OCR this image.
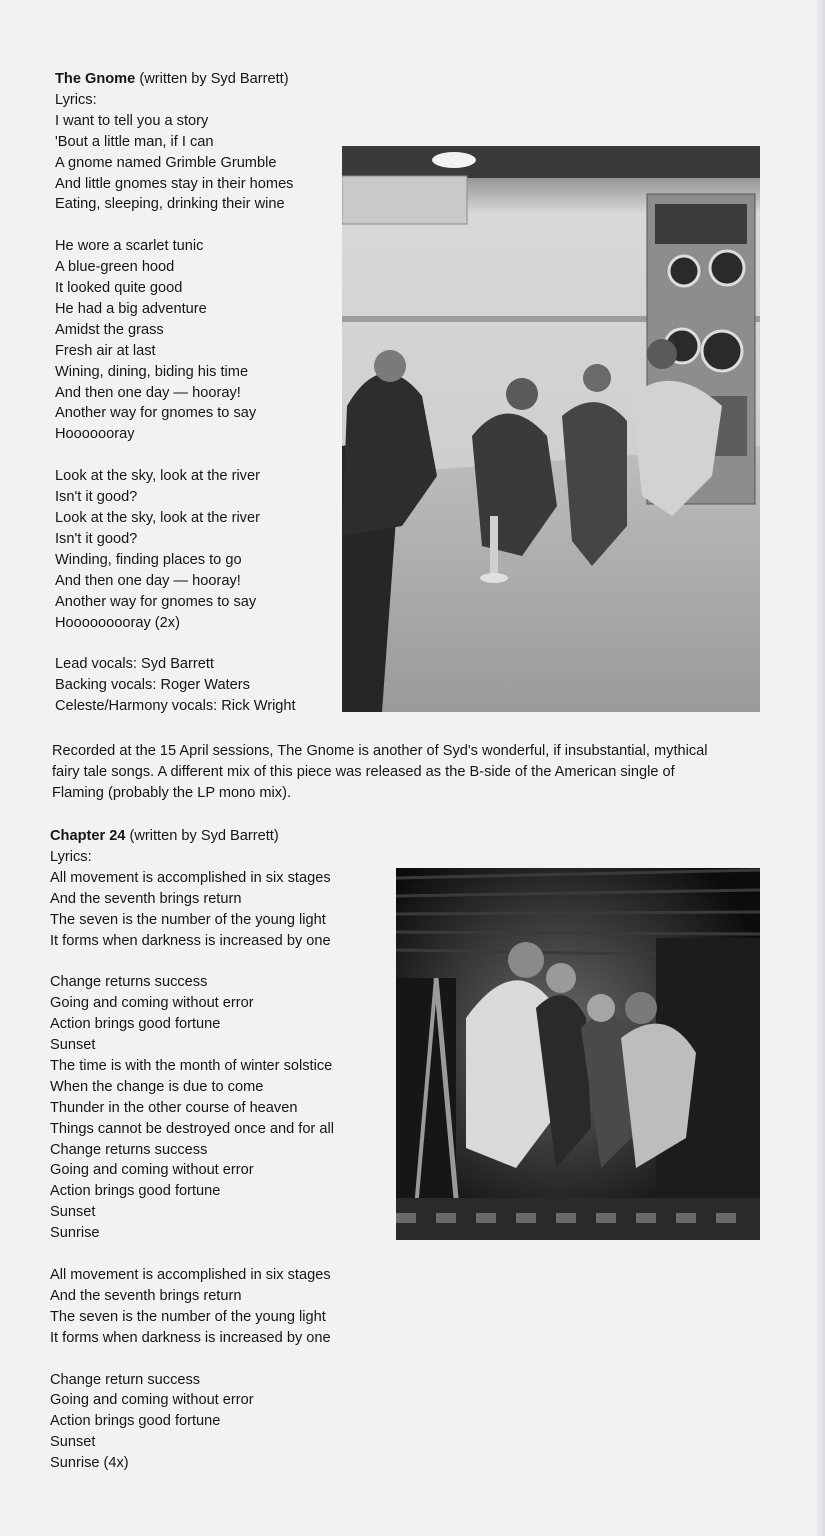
The Gnome (written by Syd Barrett)
Lyrics:
I want to tell you a story
'Bout a little man, if I can
A gnome named Grimble Grumble
And little gnomes stay in their homes
Eating, sleeping, drinking their wine
He wore a scarlet tunic
A blue-green hood
It looked quite good
He had a big adventure
Amidst the grass
Fresh air at last
Wining, dining, biding his time
And then one day — hooray!
Another way for gnomes to say
Hooooooray
Look at the sky, look at the river
Isn't it good?
Look at the sky, look at the river
Isn't it good?
Winding, finding places to go
And then one day — hooray!
Another way for gnomes to say
Hooooooooray (2x)
Lead vocals: Syd Barrett
Backing vocals: Roger Waters
Celeste/Harmony vocals: Rick Wright
Recorded at the 15 April sessions, The Gnome is another of Syd's wonderful, if insubstantial, mythical
fairy tale songs. A different mix of this piece was released as the B-side of the American single of
Flaming (probably the LP mono mix).
Chapter 24 (written by Syd Barrett)
Lyrics:
All movement is accomplished in six stages
And the seventh brings return
The seven is the number of the young light
It forms when darkness is increased by one
Change returns success
Going and coming without error
Action brings good fortune
Sunset
The time is with the month of winter solstice
When the change is due to come
Thunder in the other course of heaven
Things cannot be destroyed once and for all
Change returns success
Going and coming without error
Action brings good fortune
Sunset
Sunrise
All movement is accomplished in six stages
And the seventh brings return
The seven is the number of the young light
It forms when darkness is increased by one
Change return success
Going and coming without error
Action brings good fortune
Sunset
Sunrise (4x)
